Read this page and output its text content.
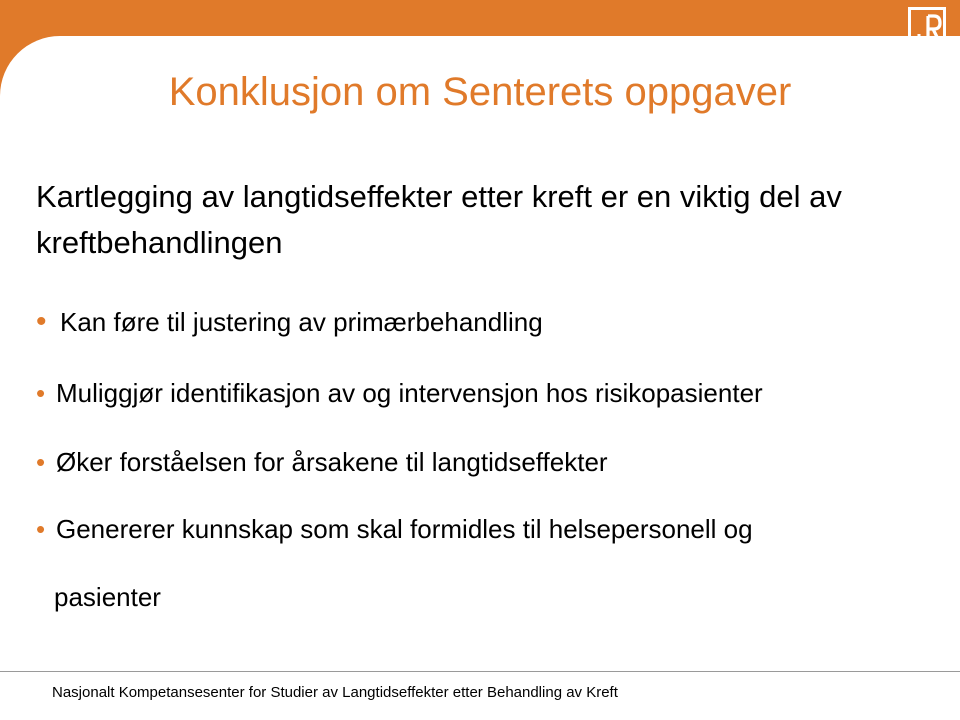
Konklusjon om Senterets oppgaver
Kartlegging av langtidseffekter etter kreft er en viktig del av kreftbehandlingen
• Kan føre til justering av primærbehandling
• Muliggjør identifikasjon av og intervensjon hos risikopasienter
• Øker forståelsen for årsakene til langtidseffekter
• Genererer kunnskap som skal formidles til helsepersonell og
pasienter
Nasjonalt Kompetansesenter for Studier av Langtidseffekter etter Behandling av Kreft
